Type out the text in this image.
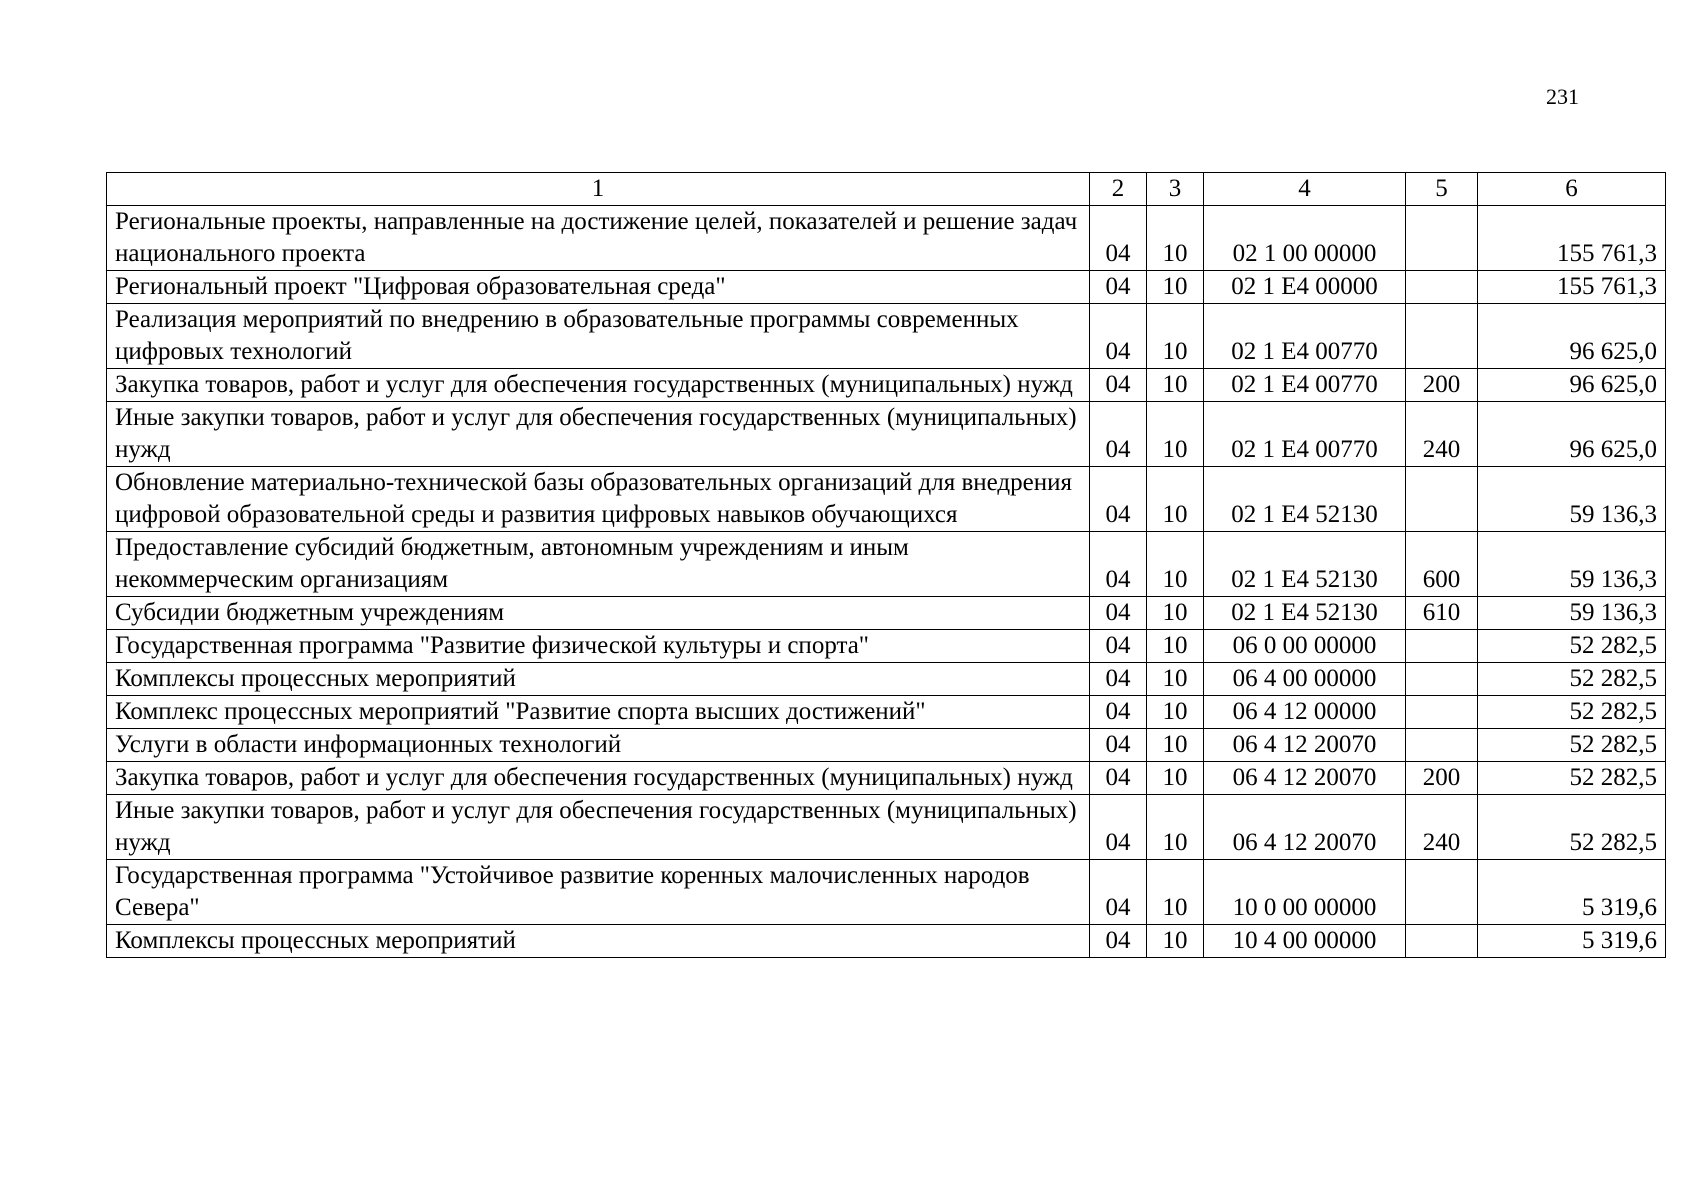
231
1	2	3	4	5	6
Региональные проекты, направленные на достижение целей, показателей и решение задач национального проекта	04	10	02 1 00 00000		155 761,3
Региональный проект "Цифровая образовательная среда"	04	10	02 1 E4 00000		155 761,3
Реализация мероприятий по внедрению в образовательные программы современных цифровых технологий	04	10	02 1 E4 00770		96 625,0
Закупка товаров, работ и услуг для обеспечения государственных (муниципальных) нужд	04	10	02 1 E4 00770	200	96 625,0
Иные закупки товаров, работ и услуг для обеспечения государственных (муниципальных) нужд	04	10	02 1 E4 00770	240	96 625,0
Обновление материально-технической базы образовательных организаций для внедрения цифровой образовательной среды и развития цифровых навыков обучающихся	04	10	02 1 E4 52130		59 136,3
Предоставление субсидий бюджетным, автономным учреждениям и иным некоммерческим организациям	04	10	02 1 E4 52130	600	59 136,3
Субсидии бюджетным учреждениям	04	10	02 1 E4 52130	610	59 136,3
Государственная программа "Развитие физической культуры и спорта"	04	10	06 0 00 00000		52 282,5
Комплексы процессных мероприятий	04	10	06 4 00 00000		52 282,5
Комплекс процессных мероприятий "Развитие спорта высших достижений"	04	10	06 4 12 00000		52 282,5
Услуги в области информационных технологий	04	10	06 4 12 20070		52 282,5
Закупка товаров, работ и услуг для обеспечения государственных (муниципальных) нужд	04	10	06 4 12 20070	200	52 282,5
Иные закупки товаров, работ и услуг для обеспечения государственных (муниципальных) нужд	04	10	06 4 12 20070	240	52 282,5
Государственная программа "Устойчивое развитие коренных малочисленных народов Севера"	04	10	10 0 00 00000		5 319,6
Комплексы процессных мероприятий	04	10	10 4 00 00000		5 319,6
